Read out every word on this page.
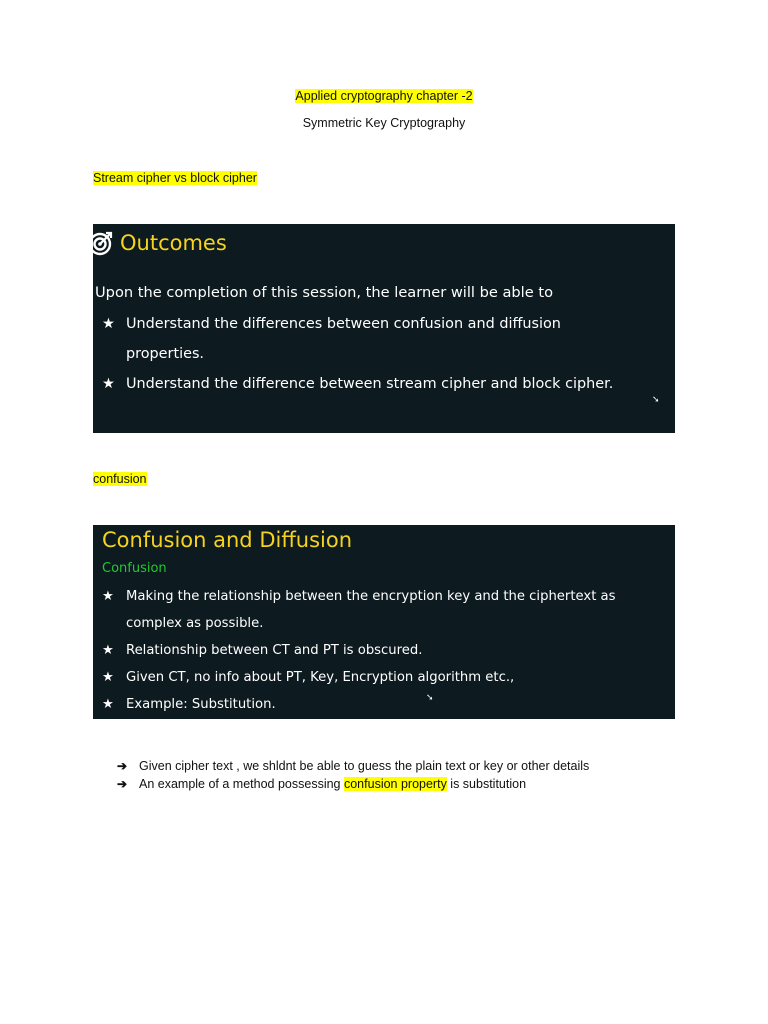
Applied cryptography chapter -2
Symmetric Key Cryptography
Stream cipher vs block cipher
Outcomes
Upon the completion of this session, the learner will be able to
★ Understand the differences between confusion and diffusion
properties.
★ Understand the difference between stream cipher and block cipher.
➘
confusion
Confusion and Diffusion
Confusion
★ Making the relationship between the encryption key and the ciphertext as
complex as possible.
★ Relationship between CT and PT is obscured.
★ Given CT, no info about PT, Key, Encryption algorithm etc.,
★ Example: Substitution.	➘
➔ Given cipher text , we shldnt be able to guess the plain text or key or other details
➔ An example of a method possessing confusion property is substitution
